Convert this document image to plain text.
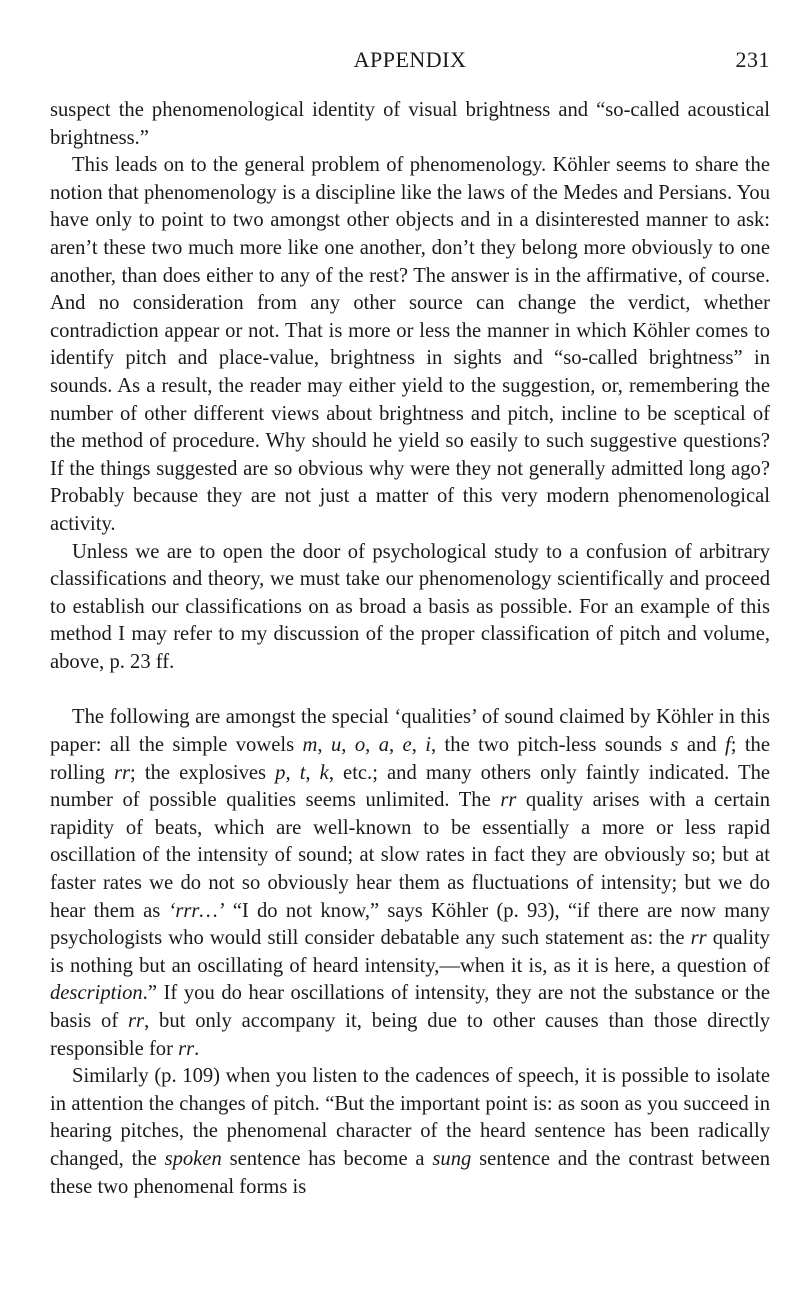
APPENDIX	231

suspect the phenomenological identity of visual brightness and “so-called acoustical brightness.”

This leads on to the general problem of phenomenology. Köhler seems to share the notion that phenomenology is a discipline like the laws of the Medes and Persians. You have only to point to two amongst other objects and in a disinterested manner to ask: aren’t these two much more like one another, don’t they belong more obviously to one another, than does either to any of the rest? The answer is in the affirmative, of course. And no consideration from any other source can change the verdict, whether contradiction appear or not. That is more or less the manner in which Köhler comes to identify pitch and place-value, brightness in sights and “so-called brightness” in sounds. As a result, the reader may either yield to the suggestion, or, remembering the number of other different views about brightness and pitch, incline to be sceptical of the method of procedure. Why should he yield so easily to such suggestive questions? If the things suggested are so obvious why were they not generally admitted long ago? Probably because they are not just a matter of this very modern phenomenological activity.

Unless we are to open the door of psychological study to a confusion of arbitrary classifications and theory, we must take our phenomenology scientifically and proceed to establish our classifications on as broad a basis as possible. For an example of this method I may refer to my discussion of the proper classification of pitch and volume, above, p. 23 ff.

The following are amongst the special ‘qualities’ of sound claimed by Köhler in this paper: all the simple vowels m, u, o, a, e, i, the two pitch-less sounds s and f; the rolling rr; the explosives p, t, k, etc.; and many others only faintly indicated. The number of possible qualities seems unlimited. The rr quality arises with a certain rapidity of beats, which are well-known to be essentially a more or less rapid oscillation of the intensity of sound; at slow rates in fact they are obviously so; but at faster rates we do not so obviously hear them as fluctuations of intensity; but we do hear them as ‘rrr…’ “I do not know,” says Köhler (p. 93), “if there are now many psychologists who would still consider debatable any such statement as: the rr quality is nothing but an oscillating of heard intensity,—when it is, as it is here, a question of description.” If you do hear oscillations of intensity, they are not the substance or the basis of rr, but only accompany it, being due to other causes than those directly responsible for rr.

Similarly (p. 109) when you listen to the cadences of speech, it is possible to isolate in attention the changes of pitch. “But the important point is: as soon as you succeed in hearing pitches, the phenomenal character of the heard sentence has been radically changed, the spoken sentence has become a sung sentence and the contrast between these two phenomenal forms is
